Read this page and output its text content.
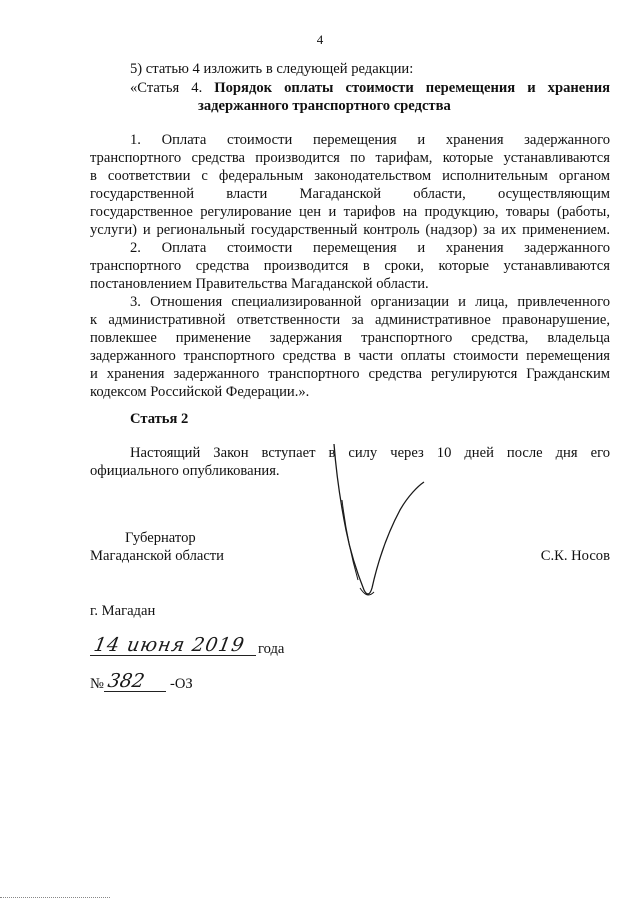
4
5) статью 4 изложить в следующей редакции:
«Статья 4. Порядок оплаты стоимости перемещения и хранения
задержанного транспортного средства
1. Оплата стоимости перемещения и хранения задержанного
транспортного средства производится по тарифам, которые устанавливаются
в соответствии с федеральным законодательством исполнительным органом
государственной власти Магаданской области, осуществляющим
государственное регулирование цен и тарифов на продукцию, товары (работы,
услуги) и региональный государственный контроль (надзор) за их применением.
2. Оплата стоимости перемещения и хранения задержанного
транспортного средства производится в сроки, которые устанавливаются
постановлением Правительства Магаданской области.
3. Отношения специализированной организации и лица, привлеченного
к административной ответственности за административное правонарушение,
повлекшее применение задержания транспортного средства, владельца
задержанного транспортного средства в части оплаты стоимости перемещения
и хранения задержанного транспортного средства регулируются Гражданским
кодексом Российской Федерации.».
Статья 2
Настоящий Закон вступает в силу через 10 дней после дня его
официального опубликования.
Губернатор
Магаданской области	С.К. Носов
г. Магадан
14 июня 2019 года
№ 382 -ОЗ
